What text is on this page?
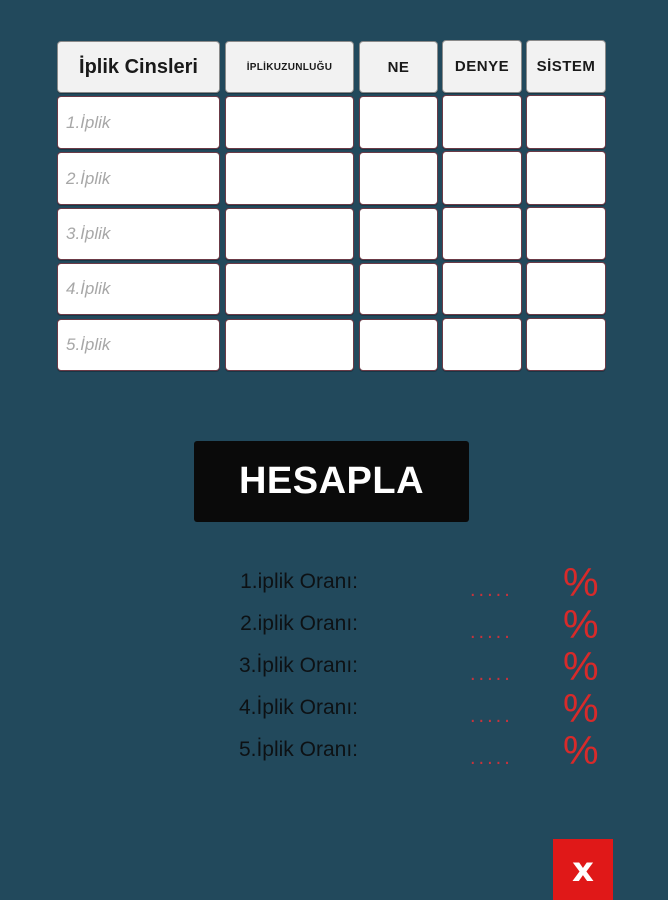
İplik Cinsleri	İPLİKUZUNLUĞU	NE	DENYE	SİSTEM
1.İplik
2.İplik
3.İplik
4.İplik
5.İplik
HESAPLA
1.iplik Oranı:	.....	%
2.iplik Oranı:	.....	%
3.İplik Oranı:	.....	%
4.İplik Oranı:	.....	%
5.İplik Oranı:	.....	%
x
